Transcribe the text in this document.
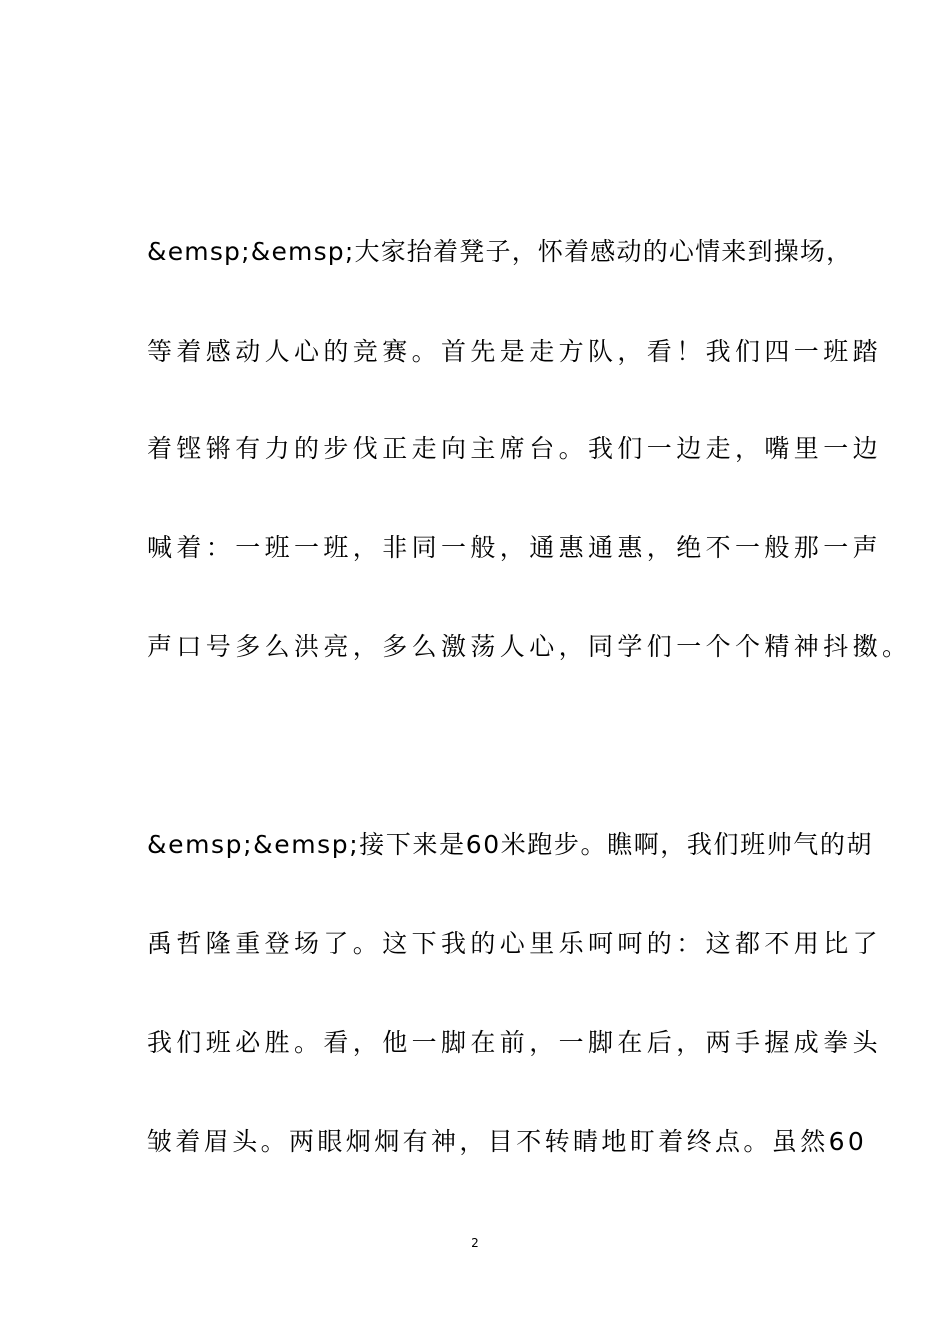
&emsp;&emsp;大家抬着凳子，怀着感动的心情来到操场，
等着感动人心的竞赛。首先是走方队，看！我们四一班踏
着铿锵有力的步伐正走向主席台。我们一边走，嘴里一边
喊着：一班一班，非同一般，通惠通惠，绝不一般那一声
声口号多么洪亮，多么激荡人心，同学们一个个精神抖擞。
&emsp;&emsp;接下来是60米跑步。瞧啊，我们班帅气的胡
禹哲隆重登场了。这下我的心里乐呵呵的：这都不用比了
我们班必胜。看，他一脚在前，一脚在后，两手握成拳头
皱着眉头。两眼炯炯有神，目不转睛地盯着终点。虽然60
2
